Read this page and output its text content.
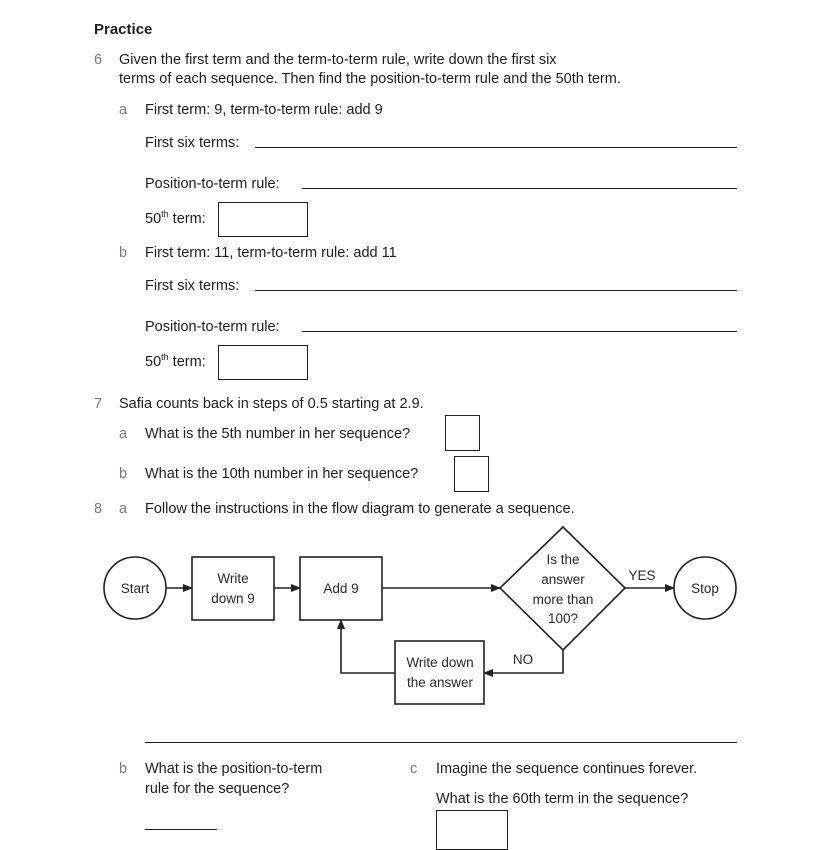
Practice
6 Given the first term and the term-to-term rule, write down the first six
terms of each sequence. Then find the position-to-term rule and the 50th term.
a First term: 9, term-to-term rule: add 9
First six terms:
Position-to-term rule:
50th term:
b First term: 11, term-to-term rule: add 11
First six terms:
Position-to-term rule:
50th term:
7 Safia counts back in steps of 0.5 starting at 2.9.
a What is the 5th number in her sequence?
b What is the 10th number in her sequence?
8 a Follow the instructions in the flow diagram to generate a sequence.
Start
Write
down 9
Add 9
Is the
answer
more than
100?
YES
NO
Stop
Write down
the answer
b What is the position-to-term
rule for the sequence?
c Imagine the sequence continues forever.
What is the 60th term in the sequence?
